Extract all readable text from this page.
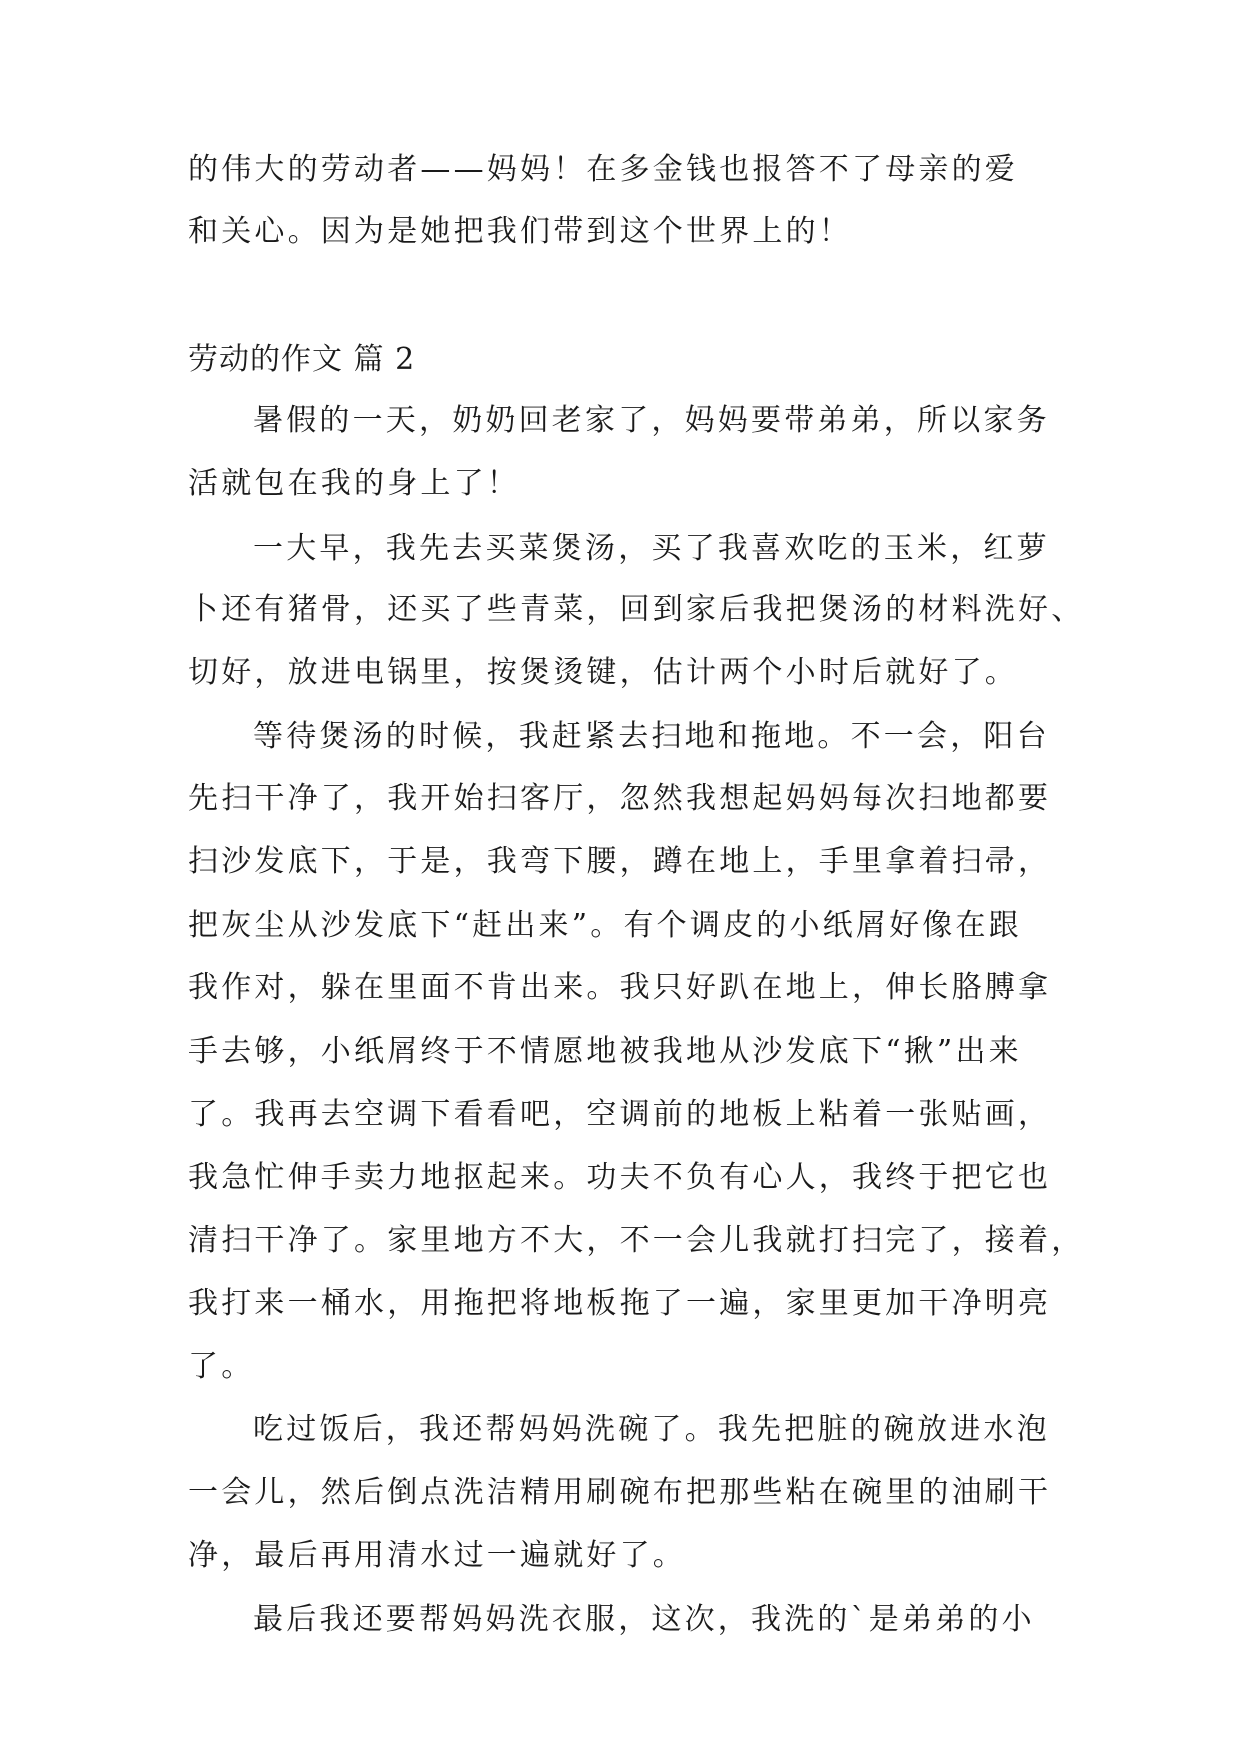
的伟大的劳动者——妈妈！在多金钱也报答不了母亲的爱
和关心。因为是她把我们带到这个世界上的！
劳动的作文 篇 2
暑假的一天，奶奶回老家了，妈妈要带弟弟，所以家务
活就包在我的身上了！
一大早，我先去买菜煲汤，买了我喜欢吃的玉米，红萝
卜还有猪骨，还买了些青菜，回到家后我把煲汤的材料洗好、
切好，放进电锅里，按煲烫键，估计两个小时后就好了。
等待煲汤的时候，我赶紧去扫地和拖地。不一会，阳台
先扫干净了，我开始扫客厅，忽然我想起妈妈每次扫地都要
扫沙发底下，于是，我弯下腰，蹲在地上，手里拿着扫帚，
把灰尘从沙发底下“赶出来”。有个调皮的小纸屑好像在跟
我作对，躲在里面不肯出来。我只好趴在地上，伸长胳膊拿
手去够，小纸屑终于不情愿地被我地从沙发底下“揪”出来
了。我再去空调下看看吧，空调前的地板上粘着一张贴画，
我急忙伸手卖力地抠起来。功夫不负有心人，我终于把它也
清扫干净了。家里地方不大，不一会儿我就打扫完了，接着，
我打来一桶水，用拖把将地板拖了一遍，家里更加干净明亮
了。
吃过饭后，我还帮妈妈洗碗了。我先把脏的碗放进水泡
一会儿，然后倒点洗洁精用刷碗布把那些粘在碗里的油刷干
净，最后再用清水过一遍就好了。
最后我还要帮妈妈洗衣服，这次，我洗的`是弟弟的小
